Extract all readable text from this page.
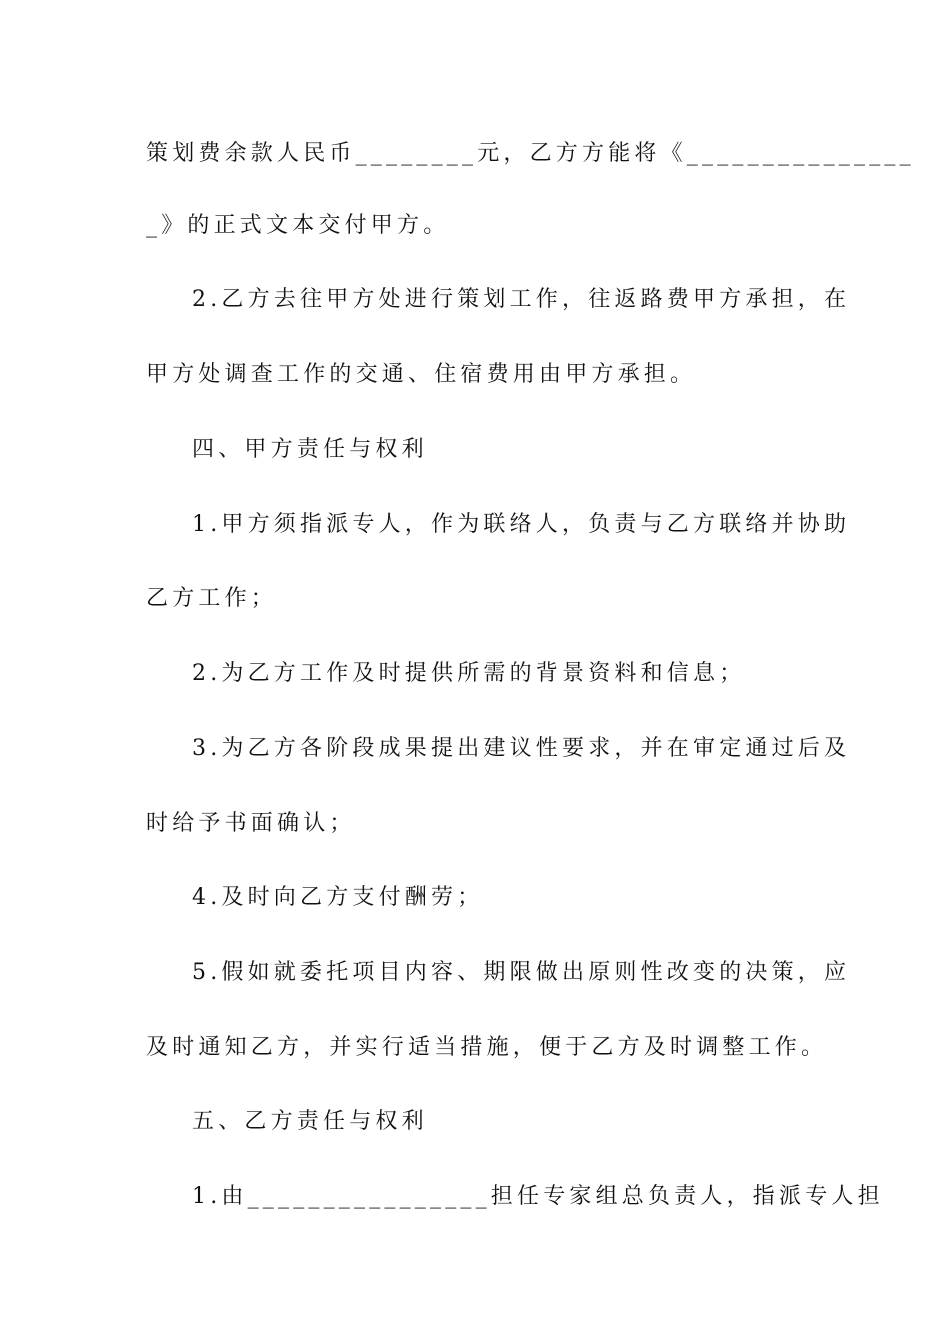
策划费余款人民币________元，乙方方能将《_______________
_》的正式文本交付甲方。
2.乙方去往甲方处进行策划工作，往返路费甲方承担，在
甲方处调查工作的交通、住宿费用由甲方承担。
四、甲方责任与权利
1.甲方须指派专人，作为联络人，负责与乙方联络并协助
乙方工作；
2.为乙方工作及时提供所需的背景资料和信息；
3.为乙方各阶段成果提出建议性要求，并在审定通过后及
时给予书面确认；
4.及时向乙方支付酬劳；
5.假如就委托项目内容、期限做出原则性改变的决策，应
及时通知乙方，并实行适当措施，便于乙方及时调整工作。
五、乙方责任与权利
1.由________________担任专家组总负责人，指派专人担
